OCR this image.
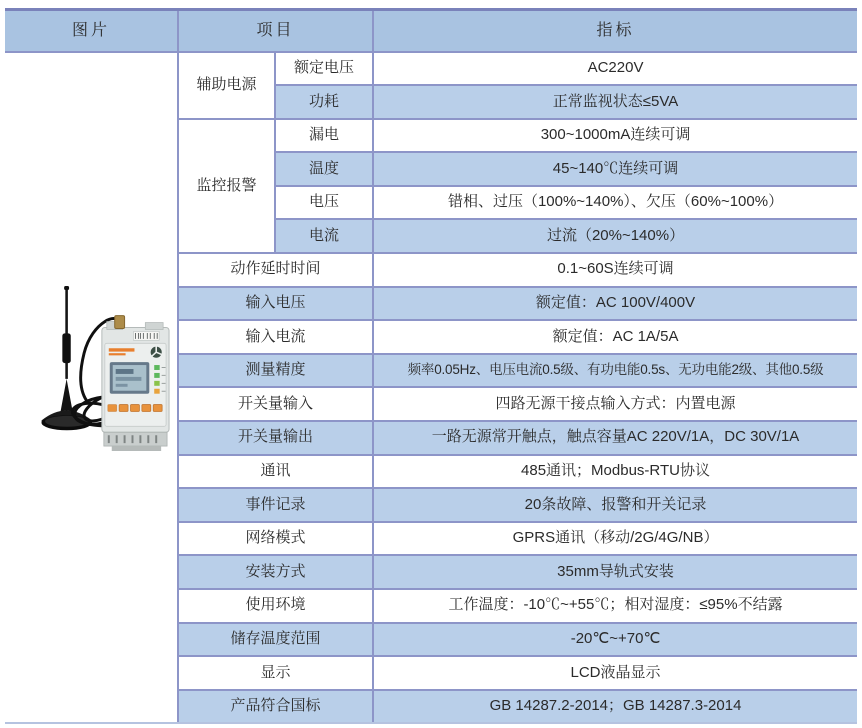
图片	项目		指标

	辅助电源	额定电压	AC220V
		功耗	正常监视状态≤5VA
	监控报警	漏电	300~1000mA连续可调
		温度	45~140℃连续可调
		电压	错相、过压（100%~140%）、欠压（60%~100%）
		电流	过流（20%~140%）
	动作延时时间		0.1~60S连续可调
	输入电压		额定值：AC 100V/400V
	输入电流		额定值：AC 1A/5A
	测量精度		频率0.05Hz、电压电流0.5级、有功电能0.5s、无功电能2级、其他0.5级
	开关量输入		四路无源干接点输入方式：内置电源
	开关量输出		一路无源常开触点，触点容量AC 220V/1A，DC 30V/1A
	通讯		485通讯；Modbus-RTU协议
	事件记录		20条故障、报警和开关记录
	网络模式		GPRS通讯（移动/2G/4G/NB）
	安装方式		35mm导轨式安装
	使用环境		工作温度：-10℃~+55℃；相对湿度：≤95%不结露
	储存温度范围		-20℃~+70℃
	显示		LCD液晶显示
	产品符合国标		GB 14287.2-2014；GB 14287.3-2014
